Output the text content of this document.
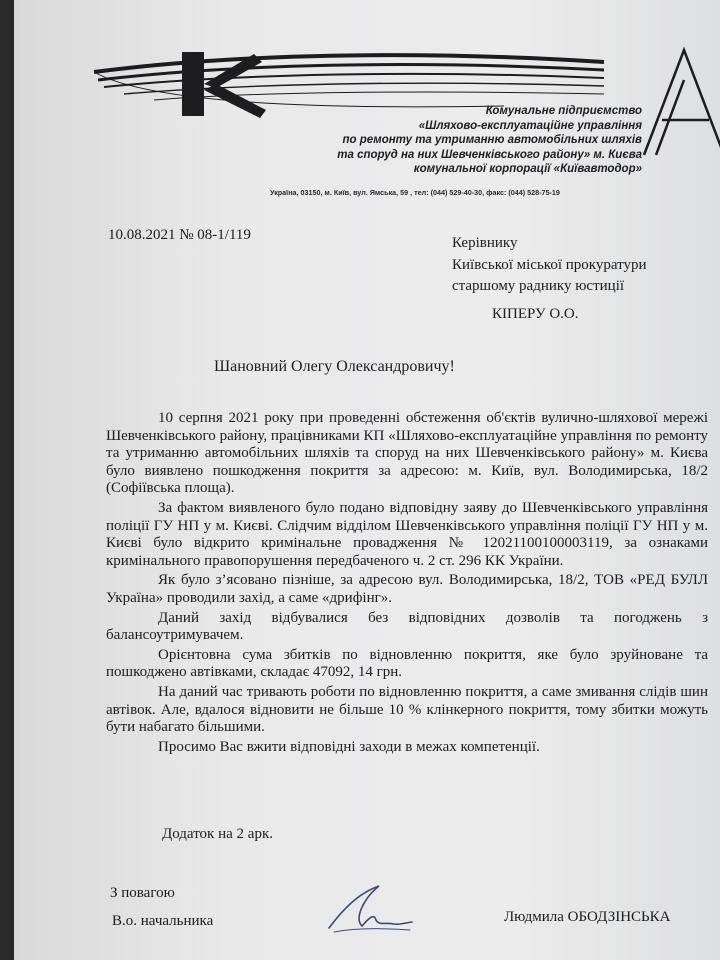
Комунальне підприємство
«Шляхово-експлуатаційне управління
по ремонту та утриманню автомобільних шляхів
та споруд на них Шевченківського району» м. Києва
комунальної корпорації «Київавтодор»
Україна, 03150, м. Київ, вул. Ямська, 59 , тел: (044) 529-40-30, факс: (044) 528-75-19
10.08.2021 № 08-1/119	Керівнику
Київської міської прокуратури
старшому раднику юстиції
КІПЕРУ О.О.
Шановний Олегу Олександровичу!

10 серпня 2021 року при проведенні обстеження об'єктів вулично-шляхової мережі Шевченківського району, працівниками КП «Шляхово-експлуатаційне управління по ремонту та утриманню автомобільних шляхів та споруд на них Шевченківського району» м. Києва було виявлено пошкодження покриття за адресою: м. Київ, вул. Володимирська, 18/2 (Софіївська площа).

За фактом виявленого було подано відповідну заяву до Шевченківського управління поліції ГУ НП у м. Києві. Слідчим відділом Шевченківського управління поліції ГУ НП у м. Києві було відкрито кримінальне провадження № 12021100100003119, за ознаками кримінального правопорушення передбаченого ч. 2 ст. 296 КК України.

Як було з’ясовано пізніше, за адресою вул. Володимирська, 18/2, ТОВ «РЕД БУЛЛ Україна» проводили захід, а саме «дрифінг».

Даний захід відбувалися без відповідних дозволів та погоджень з балансоутримувачем.

Орієнтовна сума збитків по відновленню покриття, яке було зруйноване та пошкоджено автівками, складає 47092, 14 грн.

На даний час тривають роботи по відновленню покриття, а саме змивання слідів шин автівок. Але, вдалося відновити не більше 10 % клінкерного покриття, тому збитки можуть бути набагато більшими.

Просимо Вас вжити відповідні заходи в межах компетенції.

Додаток на 2 арк.
З повагою
В.о. начальника	Людмила ОБОДЗІНСЬКА
